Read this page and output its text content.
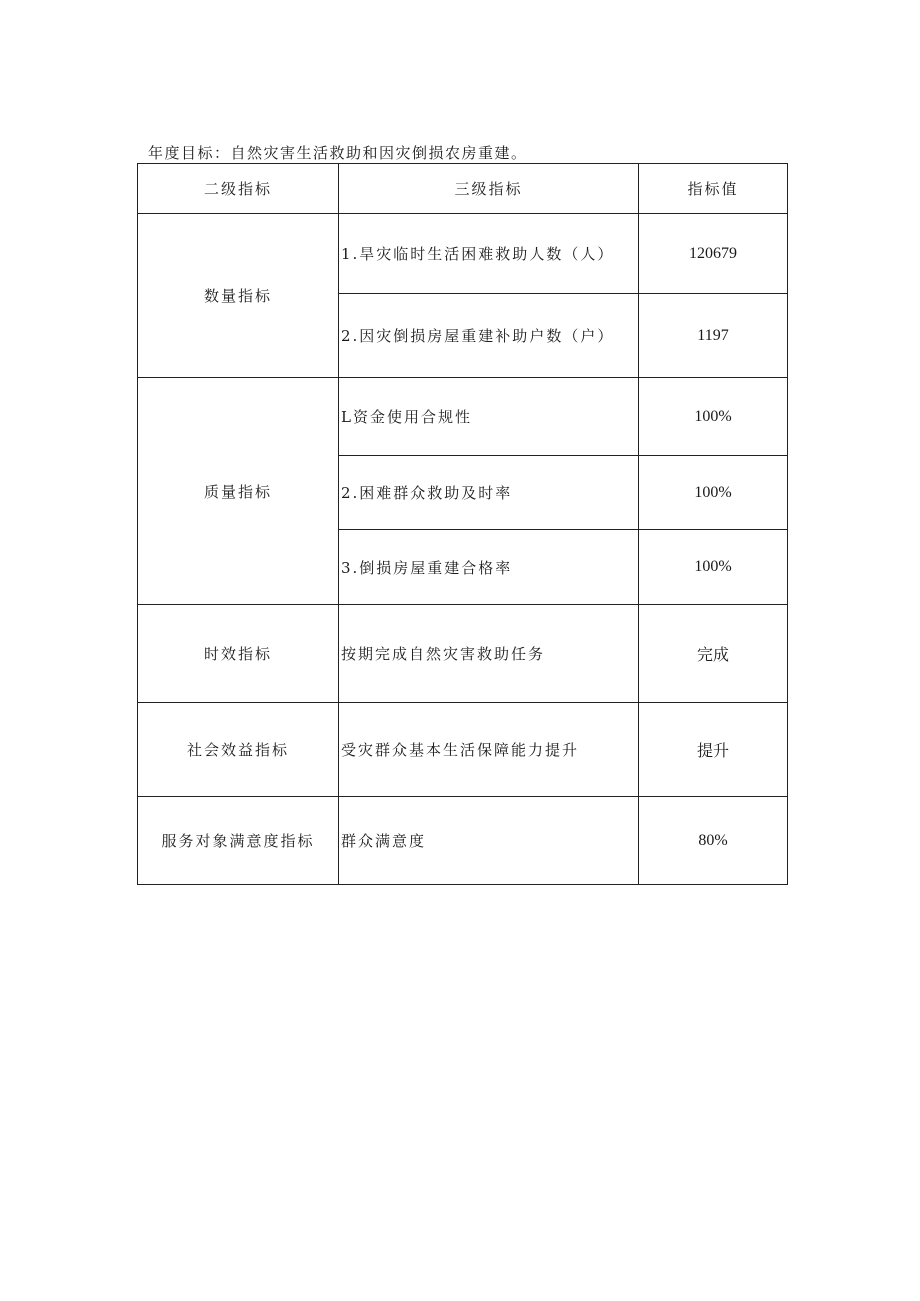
年度目标：自然灾害生活救助和因灾倒损农房重建。
二级指标	三级指标	指标值
数量指标	1.旱灾临时生活困难救助人数（人）	120679
	2.因灾倒损房屋重建补助户数（户）	1197
质量指标	L资金使用合规性	100%
	2.困难群众救助及时率	100%
	3.倒损房屋重建合格率	100%
时效指标	按期完成自然灾害救助任务	完成
社会效益指标	受灾群众基本生活保障能力提升	提升
服务对象满意度指标	群众满意度	80%
